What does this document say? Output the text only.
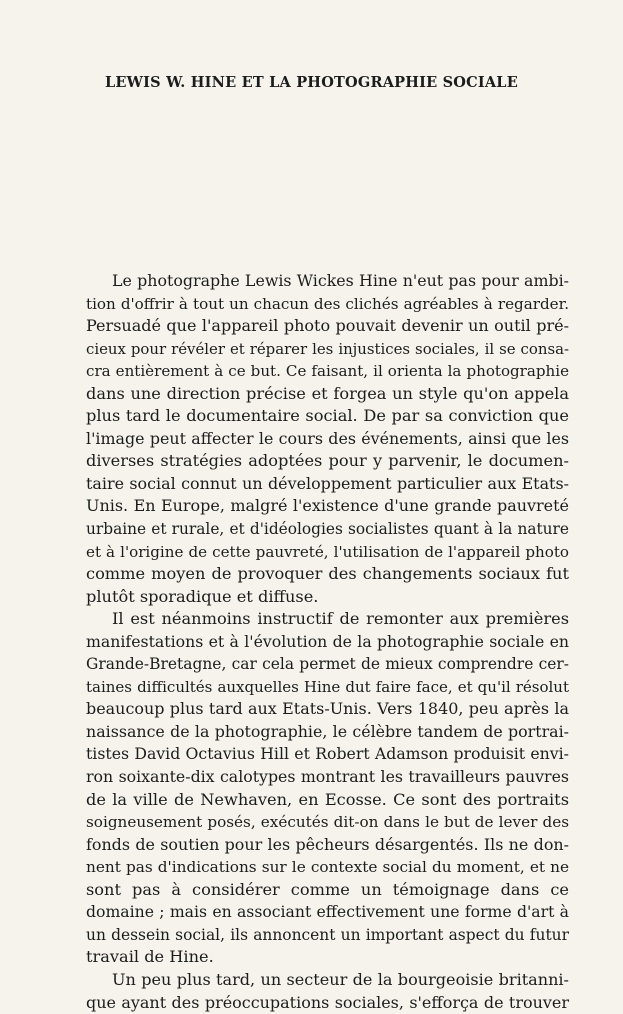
LEWIS W. HINE ET LA PHOTOGRAPHIE SOCIALE
Le photographe Lewis Wickes Hine n'eut pas pour ambi-
tion d'offrir à tout un chacun des clichés agréables à regarder.
Persuadé que l'appareil photo pouvait devenir un outil pré-
cieux pour révéler et réparer les injustices sociales, il se consa-
cra entièrement à ce but. Ce faisant, il orienta la photographie
dans une direction précise et forgea un style qu'on appela
plus tard le documentaire social. De par sa conviction que
l'image peut affecter le cours des événements, ainsi que les
diverses stratégies adoptées pour y parvenir, le documen-
taire social connut un développement particulier aux Etats-
Unis. En Europe, malgré l'existence d'une grande pauvreté
urbaine et rurale, et d'idéologies socialistes quant à la nature
et à l'origine de cette pauvreté, l'utilisation de l'appareil photo
comme moyen de provoquer des changements sociaux fut
plutôt sporadique et diffuse.
Il est néanmoins instructif de remonter aux premières
manifestations et à l'évolution de la photographie sociale en
Grande-Bretagne, car cela permet de mieux comprendre cer-
taines difficultés auxquelles Hine dut faire face, et qu'il résolut
beaucoup plus tard aux Etats-Unis. Vers 1840, peu après la
naissance de la photographie, le célèbre tandem de portrai-
tistes David Octavius Hill et Robert Adamson produisit envi-
ron soixante-dix calotypes montrant les travailleurs pauvres
de la ville de Newhaven, en Ecosse. Ce sont des portraits
soigneusement posés, exécutés dit-on dans le but de lever des
fonds de soutien pour les pêcheurs désargentés. Ils ne don-
nent pas d'indications sur le contexte social du moment, et ne
sont pas à considérer comme un témoignage dans ce
domaine ; mais en associant effectivement une forme d'art à
un dessein social, ils annoncent un important aspect du futur
travail de Hine.
Un peu plus tard, un secteur de la bourgeoisie britanni-
que ayant des préoccupations sociales, s'efforça de trouver
